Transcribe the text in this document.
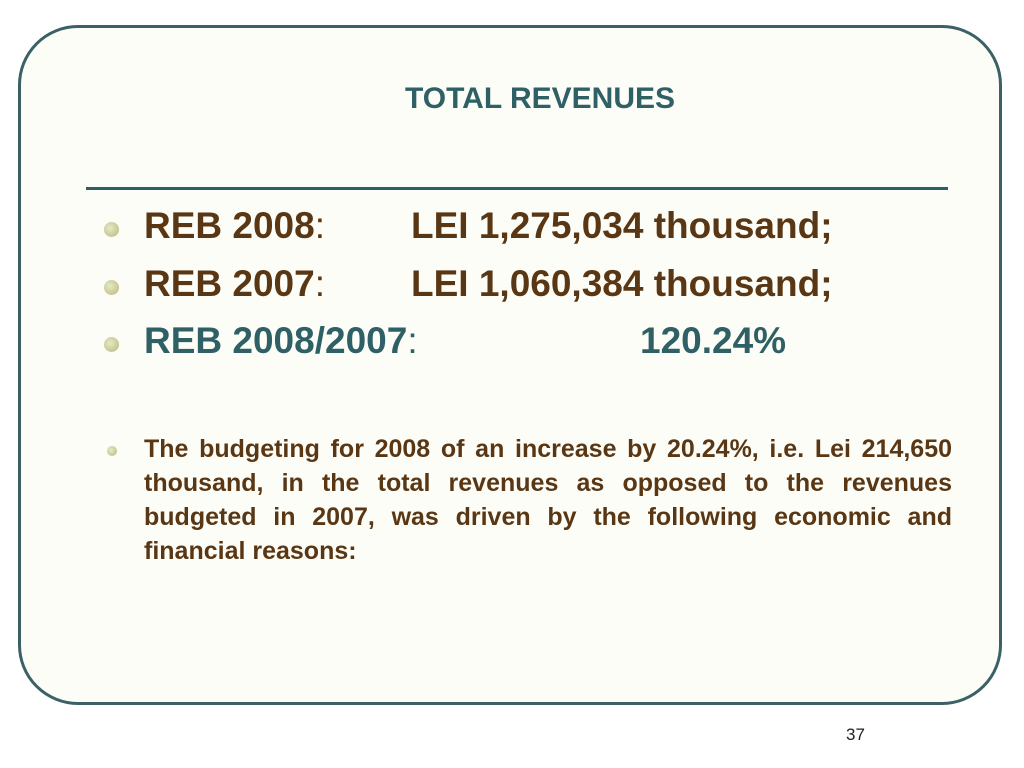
TOTAL REVENUES
REB 2008: LEI 1,275,034 thousand;
REB 2007: LEI 1,060,384 thousand;
REB 2008/2007:	120.24%
The budgeting for 2008 of an increase by 20.24%, i.e. Lei 214,650 thousand, in the total revenues as opposed to the revenues budgeted in 2007, was driven by the following economic and financial reasons:
37
